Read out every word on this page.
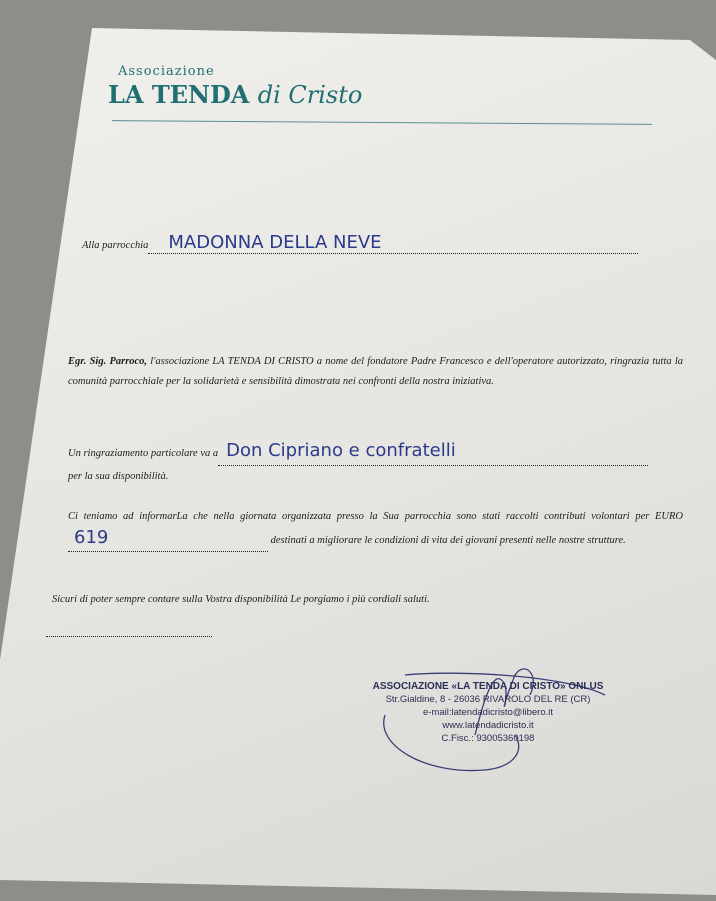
Associazione
LA TENDA di Cristo
Alla parrocchia MADONNA DELLA NEVE
Egr. Sig. Parroco, l'associazione LA TENDA DI CRISTO a nome del fondatore Padre Francesco e dell'operatore autorizzato, ringrazia tutta la comunità parrocchiale per la solidarietà e sensibilità dimostrata nei confronti della nostra iniziativa.
Un ringraziamento particolare va a Don Cipriano e confratelli
per la sua disponibilità.
Ci teniamo ad informarLa che nella giornata organizzata presso la Sua parrocchia sono stati raccolti contributi volontari per EURO 619	destinati a migliorare le condizioni di vita dei giovani presenti nelle nostre strutture.
Sicuri di poter sempre contare sulla Vostra disponibilità Le porgiamo i più cordiali saluti.
ASSOCIAZIONE «LA TENDA DI CRISTO» ONLUS
Str.Gialdine, 8 - 26036 RIVAROLO DEL RE (CR)
e-mail:latendadicristo@libero.it
www.latendadicristo.it
C.Fisc.: 93005360198
